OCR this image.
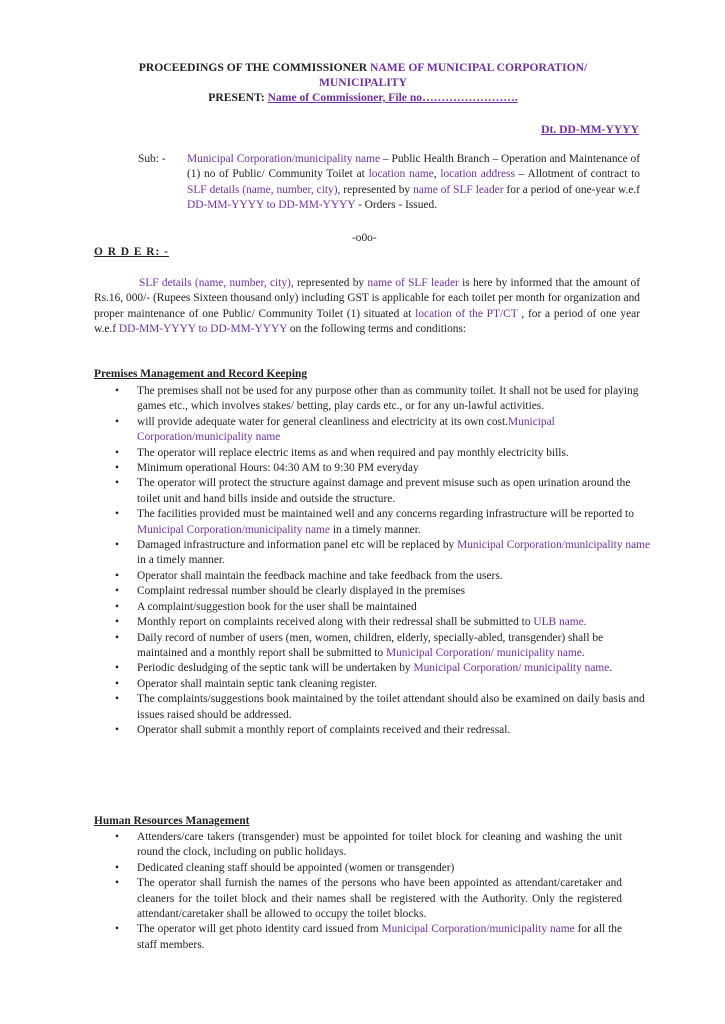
PROCEEDINGS OF THE COMMISSIONER NAME OF MUNICIPAL CORPORATION/ MUNICIPALITY
PRESENT: Name of Commissioner, File no…………………….
Dt. DD-MM-YYYY
Sub: - Municipal Corporation/municipality name – Public Health Branch – Operation and Maintenance of (1) no of Public/ Community Toilet at location name, location address – Allotment of contract to SLF details (name, number, city), represented by name of SLF leader for a period of one-year w.e.f DD-MM-YYYY to DD-MM-YYYY - Orders - Issued.
-o0o-
O R D E R: -
SLF details (name, number, city), represented by name of SLF leader is here by informed that the amount of Rs.16, 000/- (Rupees Sixteen thousand only) including GST is applicable for each toilet per month for organization and proper maintenance of one Public/ Community Toilet (1) situated at location of the PT/CT , for a period of one year w.e.f DD-MM-YYYY to DD-MM-YYYY on the following terms and conditions:
Premises Management and Record Keeping
• The premises shall not be used for any purpose other than as community toilet. It shall not be used for playing games etc., which involves stakes/ betting, play cards etc., or for any un-lawful activities.
• will provide adequate water for general cleanliness and electricity at its own cost.Municipal Corporation/municipality name
• The operator will replace electric items as and when required and pay monthly electricity bills.
• Minimum operational Hours: 04:30 AM to 9:30 PM everyday
• The operator will protect the structure against damage and prevent misuse such as open urination around the toilet unit and hand bills inside and outside the structure.
• The facilities provided must be maintained well and any concerns regarding infrastructure will be reported to Municipal Corporation/municipality name in a timely manner.
• Damaged infrastructure and information panel etc will be replaced by Municipal Corporation/municipality name in a timely manner.
• Operator shall maintain the feedback machine and take feedback from the users.
• Complaint redressal number should be clearly displayed in the premises
• A complaint/suggestion book for the user shall be maintained
• Monthly report on complaints received along with their redressal shall be submitted to ULB name.
• Daily record of number of users (men, women, children, elderly, specially-abled, transgender) shall be maintained and a monthly report shall be submitted to Municipal Corporation/ municipality name.
• Periodic desludging of the septic tank will be undertaken by Municipal Corporation/ municipality name.
• Operator shall maintain septic tank cleaning register.
• The complaints/suggestions book maintained by the toilet attendant should also be examined on daily basis and issues raised should be addressed.
• Operator shall submit a monthly report of complaints received and their redressal.
Human Resources Management
• Attenders/care takers (transgender) must be appointed for toilet block for cleaning and washing the unit round the clock, including on public holidays.
• Dedicated cleaning staff should be appointed (women or transgender)
• The operator shall furnish the names of the persons who have been appointed as attendant/caretaker and cleaners for the toilet block and their names shall be registered with the Authority. Only the registered attendant/caretaker shall be allowed to occupy the toilet blocks.
• The operator will get photo identity card issued from Municipal Corporation/municipality name for all the staff members.
